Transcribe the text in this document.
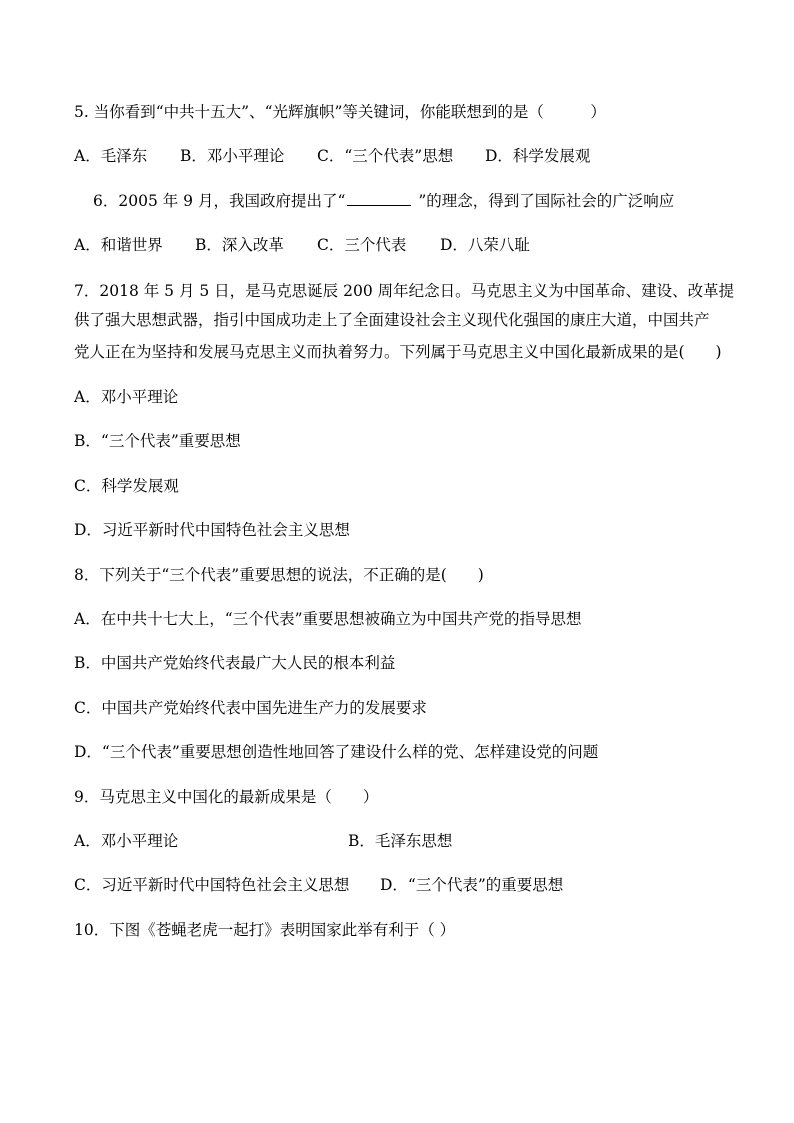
5. 当你看到“中共十五大”、“光辉旗帜”等关键词，你能联想到的是（　　　）
A．毛泽东 B．邓小平理论 C．“三个代表”思想 D．科学发展观
6．2005 年 9 月，我国政府提出了“	”的理念，得到了国际社会的广泛响应
A．和谐世界 B．深入改革 C．三个代表 D．八荣八耻
7．2018 年 5 月 5 日，是马克思诞辰 200 周年纪念日。马克思主义为中国革命、建设、改革提
供了强大思想武器，指引中国成功走上了全面建设社会主义现代化强国的康庄大道，中国共产
党人正在为坚持和发展马克思主义而执着努力。下列属于马克思主义中国化最新成果的是(　　)
A．邓小平理论
B．“三个代表”重要思想
C．科学发展观
D．习近平新时代中国特色社会主义思想
8．下列关于“三个代表”重要思想的说法，不正确的是(　　)
A．在中共十七大上，“三个代表”重要思想被确立为中国共产党的指导思想
B．中国共产党始终代表最广大人民的根本利益
C．中国共产党始终代表中国先进生产力的发展要求
D．“三个代表”重要思想创造性地回答了建设什么样的党、怎样建设党的问题
9．马克思主义中国化的最新成果是（　　）
A．邓小平理论	B．毛泽东思想
C．习近平新时代中国特色社会主义思想 D．“三个代表”的重要思想
10．下图《苍蝇老虎一起打》表明国家此举有利于（ ）
